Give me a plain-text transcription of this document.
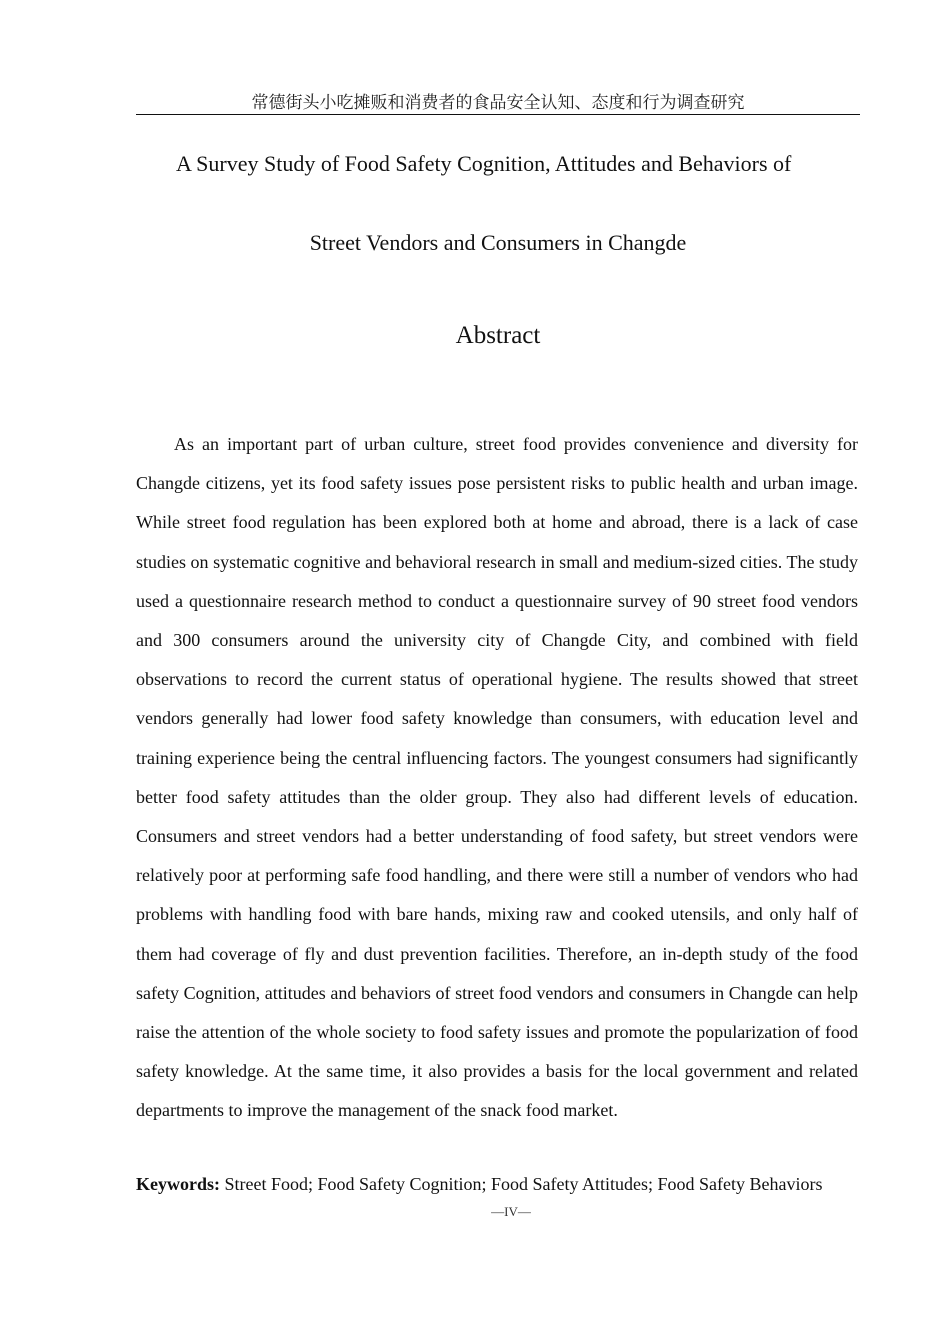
常德街头小吃摊贩和消费者的食品安全认知、态度和行为调查研究
A Survey Study of Food Safety Cognition, Attitudes and Behaviors of
Street Vendors and Consumers in Changde
Abstract

As an important part of urban culture, street food provides convenience and diversity for Changde citizens, yet its food safety issues pose persistent risks to public health and urban image. While street food regulation has been explored both at home and abroad, there is a lack of case studies on systematic cognitive and behavioral research in small and medium-sized cities. The study used a questionnaire research method to conduct a questionnaire survey of 90 street food vendors and 300 consumers around the university city of Changde City, and combined with field observations to record the current status of operational hygiene. The results showed that street vendors generally had lower food safety knowledge than consumers, with education level and training experience being the central influencing factors. The youngest consumers had significantly better food safety attitudes than the older group. They also had different levels of education. Consumers and street vendors had a better understanding of food safety, but street vendors were relatively poor at performing safe food handling, and there were still a number of vendors who had problems with handling food with bare hands, mixing raw and cooked utensils, and only half of them had coverage of fly and dust prevention facilities. Therefore, an in-depth study of the food safety Cognition, attitudes and behaviors of street food vendors and consumers in Changde can help raise the attention of the whole society to food safety issues and promote the popularization of food safety knowledge. At the same time, it also provides a basis for the local government and related departments to improve the management of the snack food market.

Keywords: Street Food; Food Safety Cognition; Food Safety Attitudes; Food Safety Behaviors

—IV—
